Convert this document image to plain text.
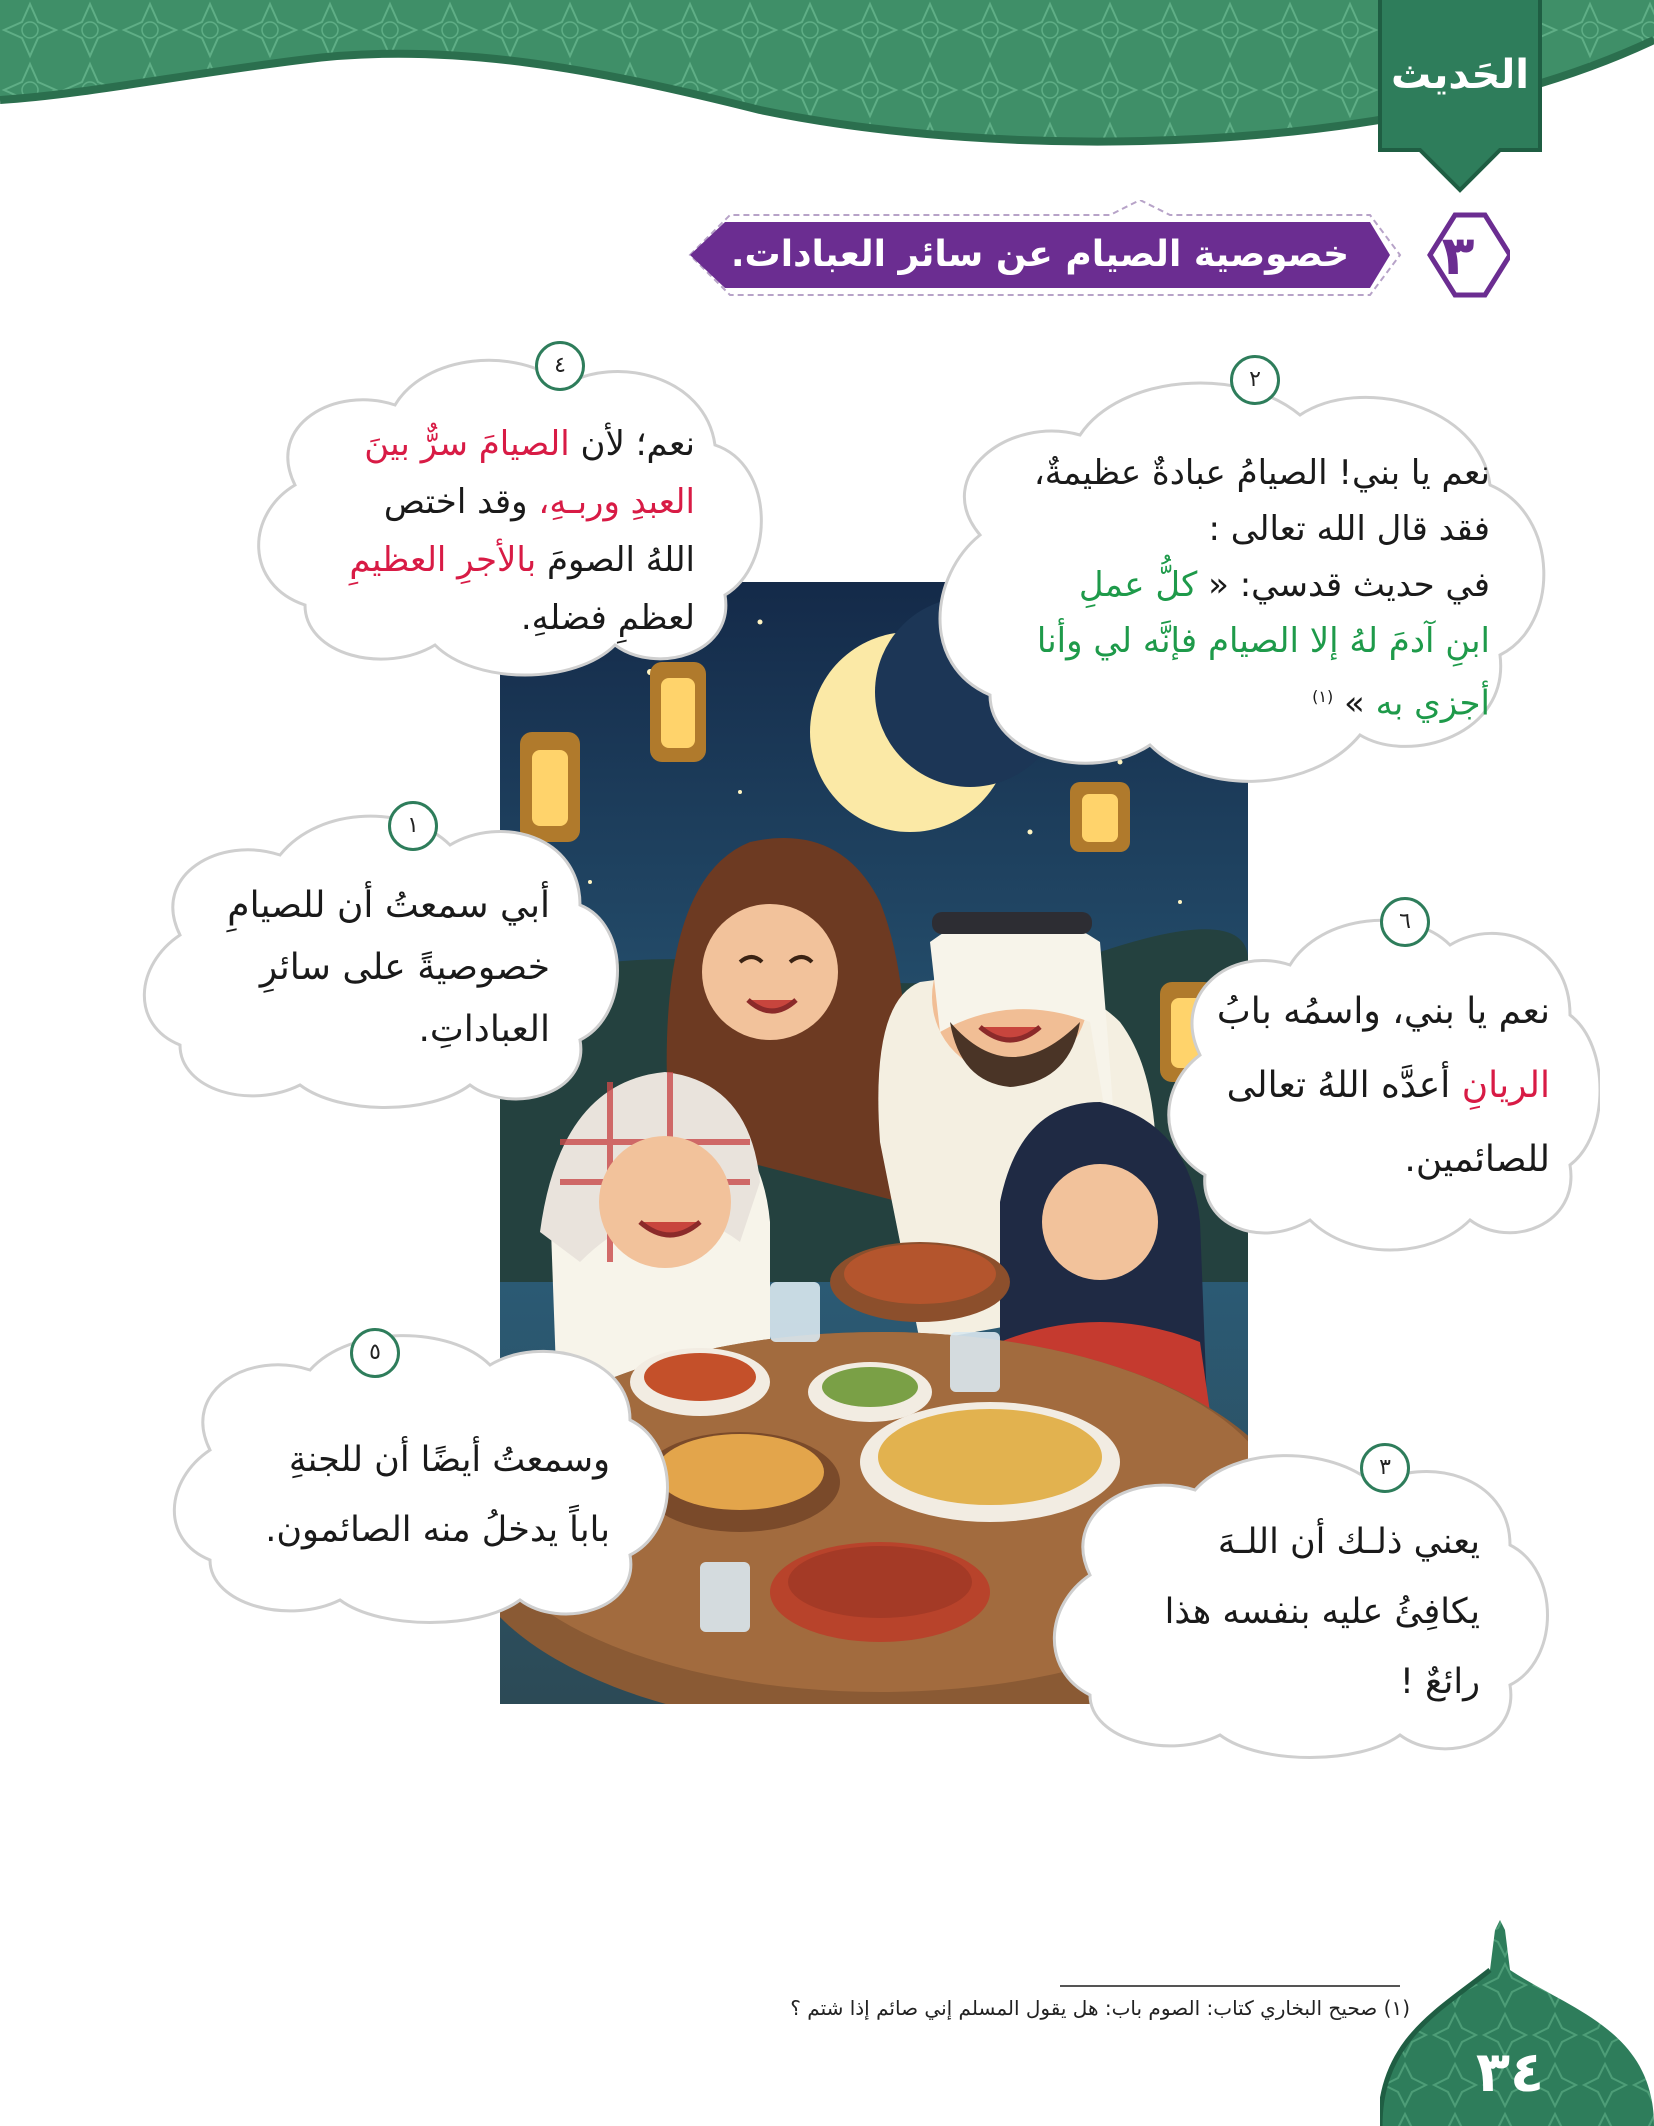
الحَديث
٣
خصوصية الصيام عن سائر العبادات.
٤
نعم؛ لأن الصيامَ سرٌّ بينَ
العبدِ وربـهِ، وقد اختص
اللهُ الصومَ بالأجرِ العظيمِ
لعظمِ فضلهِ.
٢
نعم يا بني! الصيامُ عبادةٌ عظيمةٌ،
فقد قال الله تعالى :
في حديث قدسي: « كلُّ عملِ
ابنِ آدمَ لهُ إلا الصيام فإنَّه لي وأنا
أجزي به » $^{(١)}$
١
أبي سمعتُ أن للصيامِ
خصوصيةً على سائرِ
العباداتِ.
٦
نعم يا بني، واسمُه بابُ
الريانِ أعدَّه اللهُ تعالى
للصائمين.
٥
وسمعتُ أيضًا أن للجنةِ
باباً يدخلُ منه الصائمون.
٣
يعني ذلـك أن اللـهَ
يكافِئُ عليه بنفسه هذا
رائعٌ !
(١) صحيح البخاري كتاب: الصوم باب: هل يقول المسلم إني صائم إذا شتم ؟
٣٤
